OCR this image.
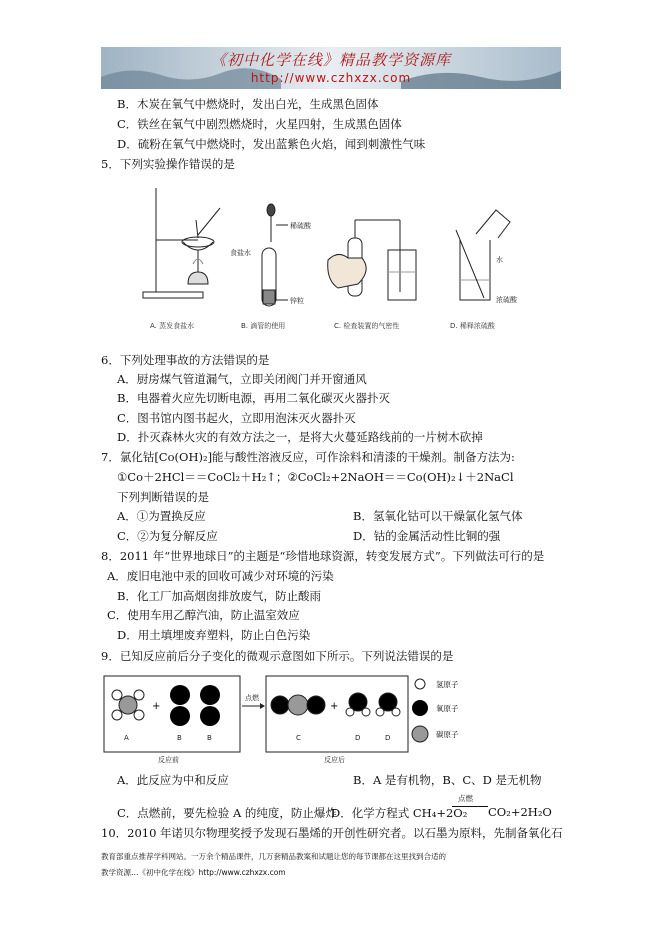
《初中化学在线》精品教学资源库
http://www.czhxzx.com
B．木炭在氧气中燃烧时，发出白光，生成黑色固体
C．铁丝在氧气中剧烈燃烧时，火星四射，生成黑色固体
D．硫粉在氧气中燃烧时，发出蓝紫色火焰，闻到刺激性气味
5．下列实验操作错误的是
食盐水
A. 蒸发食盐水
稀硫酸
锌粒
B. 滴管的使用	C. 检查装置的气密性
水
浓硫酸
D. 稀释浓硫酸
6．下列处理事故的方法错误的是
A．厨房煤气管道漏气，立即关闭阀门并开窗通风
B．电器着火应先切断电源，再用二氧化碳灭火器扑灭
C．图书馆内图书起火，立即用泡沫灭火器扑灭
D．扑灭森林火灾的有效方法之一，是将大火蔓延路线前的一片树木砍掉
7．氯化钴[Co(OH)₂]能与酸性溶液反应，可作涂料和清漆的干燥剂。制备方法为:
①Co＋2HCl＝＝CoCl₂＋H₂↑；②CoCl₂+2NaOH＝＝Co(OH)₂↓＋2NaCl
下列判断错误的是
A．①为置换反应	B．氢氧化钴可以干燥氯化氢气体
C．②为复分解反应	D．钴的金属活动性比铜的强
8．2011 年“世界地球日”的主题是“珍惜地球资源，转变发展方式”。下列做法可行的是
A．废旧电池中汞的回收可减少对环境的污染
B．化工厂加高烟囱排放废气，防止酸雨
C．使用车用乙醇汽油，防止温室效应
D．用土填埋废弃塑料，防止白色污染
9．已知反应前后分子变化的微观示意图如下所示。下列说法错误的是
+
A	B	B
反应前
点燃
+
C	D	D
反应后
氢原子
氧原子
碳原子
A．此反应为中和反应	B．A 是有机物，B、C、D 是无机物
C．点燃前，要先检验 A 的纯度，防止爆炸
D．化学方程式 CH₄+2O₂
点燃
CO₂+2H₂O
10．2010 年诺贝尔物理奖授予发现石墨烯的开创性研究者。以石墨为原料，先制备氧化石
教育部重点推荐学科网站。一万余个精品课件，几万套精品教案和试题让您的每节课都在这里找到合适的
教学资源…《初中化学在线》http://www.czhxzx.com
